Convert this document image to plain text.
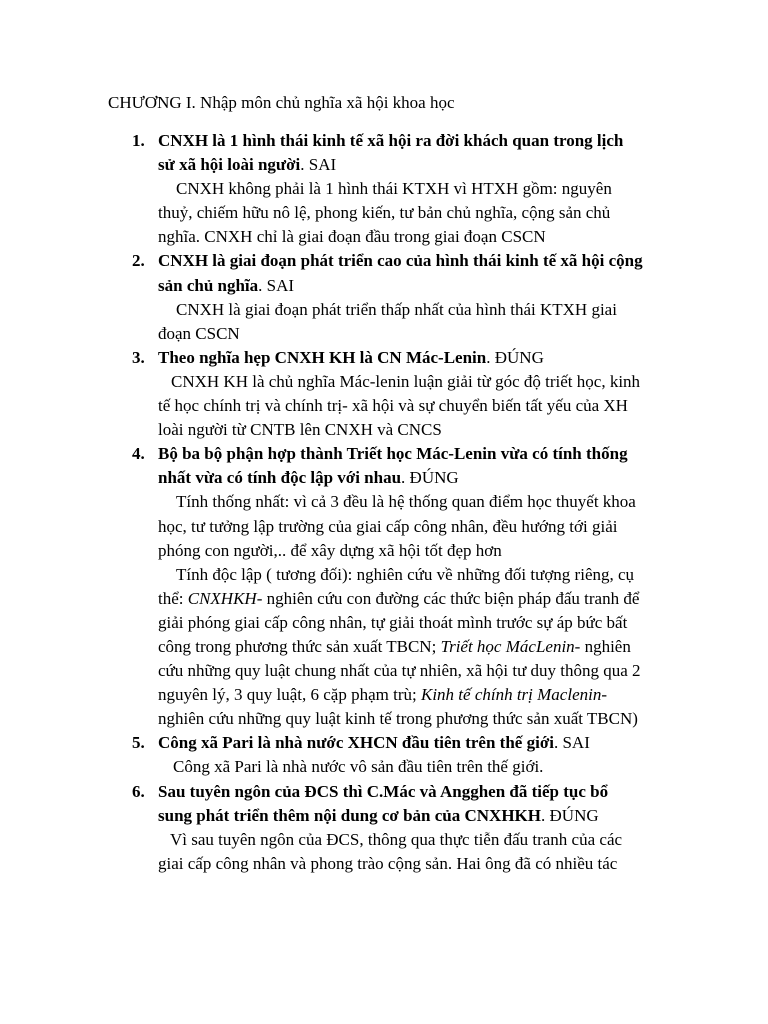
CHƯƠNG I. Nhập môn chủ nghĩa xã hội khoa học
1. CNXH là 1 hình thái kinh tế xã hội ra đời khách quan trong lịch sử xã hội loài người. SAI

CNXH không phải là 1 hình thái KTXH vì HTXH gồm: nguyên thuỷ, chiếm hữu nô lệ, phong kiến, tư bản chủ nghĩa, cộng sản chủ nghĩa. CNXH chỉ là giai đoạn đầu trong giai đoạn CSCN

2. CNXH là giai đoạn phát triển cao của hình thái kinh tế xã hội cộng sản chủ nghĩa. SAI

CNXH là giai đoạn phát triển thấp nhất của hình thái KTXH giai đoạn CSCN

3. Theo nghĩa hẹp CNXH KH là CN Mác-Lenin. ĐÚNG

CNXH KH là chủ nghĩa Mác-lenin luận giải từ góc độ triết học, kinh tế học chính trị và chính trị- xã hội và sự chuyển biến tất yếu của XH loài người từ CNTB lên CNXH và CNCS

4. Bộ ba bộ phận hợp thành Triết học Mác-Lenin vừa có tính thống nhất vừa có tính độc lập với nhau. ĐÚNG

Tính thống nhất: vì cả 3 đều là hệ thống quan điểm học thuyết khoa học, tư tưởng lập trường của giai cấp công nhân, đều hướng tới giải phóng con người,.. để xây dựng xã hội tốt đẹp hơn

Tính độc lập ( tương đối): nghiên cứu về những đối tượng riêng, cụ thể: CNXHKH- nghiên cứu con đường các thức biện pháp đấu tranh để giải phóng giai cấp công nhân, tự giải thoát mình trước sự áp bức bất công trong phương thức sản xuất TBCN; Triết học MácLenin- nghiên cứu những quy luật chung nhất của tự nhiên, xã hội tư duy thông qua 2 nguyên lý, 3 quy luật, 6 cặp phạm trù; Kinh tế chính trị Maclenin- nghiên cứu những quy luật kinh tế trong phương thức sản xuất TBCN)

5. Công xã Pari là nhà nước XHCN đầu tiên trên thế giới. SAI

Công xã Pari là nhà nước vô sản đầu tiên trên thế giới.

6. Sau tuyên ngôn của ĐCS thì C.Mác và Angghen đã tiếp tục bổ sung phát triển thêm nội dung cơ bản của CNXHKH. ĐÚNG

Vì sau tuyên ngôn của ĐCS, thông qua thực tiễn đấu tranh của các giai cấp công nhân và phong trào cộng sản. Hai ông đã có nhiều tác
